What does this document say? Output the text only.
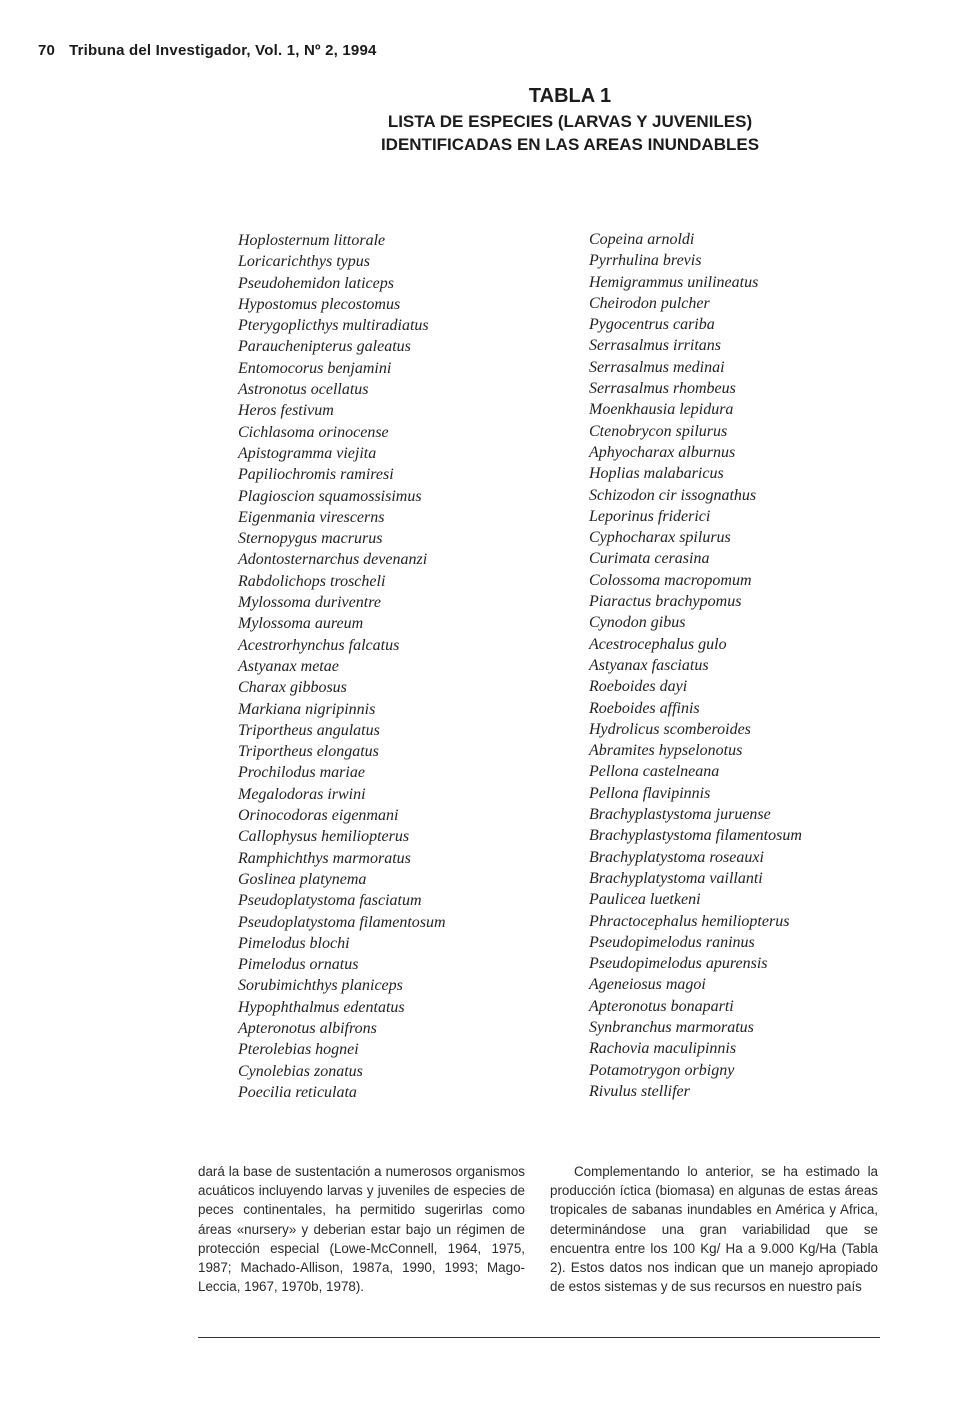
70 Tribuna del Investigador, Vol. 1, Nº 2, 1994
TABLA 1
LISTA DE ESPECIES (LARVAS Y JUVENILES)
IDENTIFICADAS EN LAS AREAS INUNDABLES
Hoplosternum littorale
Loricarichthys typus
Pseudohemidon laticeps
Hypostomus plecostomus
Pterygoplicthys multiradiatus
Parauchenipterus galeatus
Entomocorus benjamini
Astronotus ocellatus
Heros festivum
Cichlasoma orinocense
Apistogramma viejita
Papiliochromis ramiresi
Plagioscion squamossisimus
Eigenmania virescerns
Sternopygus macrurus
Adontosternarchus devenanzi
Rabdolichops troscheli
Mylossoma duriventre
Mylossoma aureum
Acestrorhynchus falcatus
Astyanax metae
Charax gibbosus
Markiana nigripinnis
Triportheus angulatus
Triportheus elongatus
Prochilodus mariae
Megalodoras irwini
Orinocodoras eigenmani
Callophysus hemiliopterus
Ramphichthys marmoratus
Goslinea platynema
Pseudoplatystoma fasciatum
Pseudoplatystoma filamentosum
Pimelodus blochi
Pimelodus ornatus
Sorubimichthys planiceps
Hypophthalmus edentatus
Apteronotus albifrons
Pterolebias hognei
Cynolebias zonatus
Poecilia reticulata
Copeina arnoldi
Pyrrhulina brevis
Hemigrammus unilineatus
Cheirodon pulcher
Pygocentrus cariba
Serrasalmus irritans
Serrasalmus medinai
Serrasalmus rhombeus
Moenkhausia lepidura
Ctenobrycon spilurus
Aphyocharax alburnus
Hoplias malabaricus
Schizodon cir issognathus
Leporinus friderici
Cyphocharax spilurus
Curimata cerasina
Colossoma macropomum
Piaractus brachypomus
Cynodon gibus
Acestrocephalus gulo
Astyanax fasciatus
Roeboides dayi
Roeboides affinis
Hydrolicus scomberoides
Abramites hypselonotus
Pellona castelneana
Pellona flavipinnis
Brachyplastystoma juruense
Brachyplastystoma filamentosum
Brachyplatystoma roseauxi
Brachyplatystoma vaillanti
Paulicea luetkeni
Phractocephalus hemiliopterus
Pseudopimelodus raninus
Pseudopimelodus apurensis
Ageneiosus magoi
Apteronotus bonaparti
Synbranchus marmoratus
Rachovia maculipinnis
Potamotrygon orbigny
Rivulus stellifer

dará la base de sustentación a numerosos organismos acuáticos incluyendo larvas y juveniles de especies de peces continentales, ha permitido sugerirlas como áreas «nursery» y deberian estar bajo un régimen de protección especial (Lowe-McConnell, 1964, 1975, 1987; Machado-Allison, 1987a, 1990, 1993; Mago-Leccia, 1967, 1970b, 1978).

Complementando lo anterior, se ha estimado la producción íctica (biomasa) en algunas de estas áreas tropicales de sabanas inundables en América y Africa, determinándose una gran variabilidad que se encuentra entre los 100 Kg/ Ha a 9.000 Kg/Ha (Tabla 2). Estos datos nos indican que un manejo apropiado de estos sistemas y de sus recursos en nuestro país
